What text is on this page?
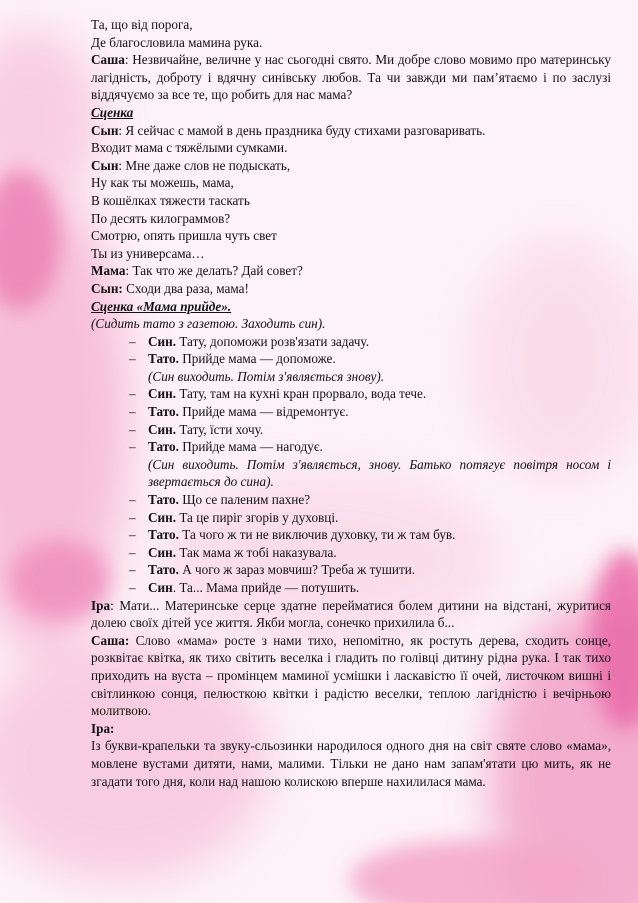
Та, що від порога,
Де благословила мамина рука.
Саша: Незвичайне, величне у нас сьогодні свято. Ми добре слово мовимо про материнську лагідність, доброту і вдячну синівську любов. Та чи завжди ми пам’ятаємо і по заслузі віддячуємо за все те, що робить для нас мама?
Сценка
Сын: Я сейчас с мамой в день праздника буду стихами разговаривать.
Входит мама с тяжёлыми сумками.
Сын: Мне даже слов не подыскать,
Ну как ты можешь, мама,
В кошёлках тяжести таскать
По десять килограммов?
Смотрю, опять пришла чуть свет
Ты из универсама…
Мама: Так что же делать? Дай совет?
Сын: Сходи два раза, мама!
Сценка «Мама прийде».
(Сидить тато з газетою. Заходить син).
– Син. Тату, допоможи розв'язати задачу.
– Тато. Прийде мама — допоможе.
(Син виходить. Потім з'являється знову).
– Син. Тату, там на кухні кран прорвало, вода тече.
– Тато. Прийде мама — відремонтує.
– Син. Тату, їсти хочу.
– Тато. Прийде мама — нагодує.
(Син виходить. Потім з'являється, знову. Батько потягує повітря носом і звертається до сина).
– Тато. Що се паленим пахне?
– Син. Та це пиріг згорів у духовці.
– Тато. Та чого ж ти не виключив духовку, ти ж там був.
– Син. Так мама ж тобі наказувала.
– Тато. А чого ж зараз мовчиш? Треба ж тушити.
– Син. Та... Мама прийде — потушить.
Іра: Мати... Материнське серце здатне перейматися болем дитини на відстані, журитися долею своїх дітей усе життя. Якби могла, сонечко прихилила б...
Саша: Слово «мама» росте з нами тихо, непомітно, як ростуть дерева, сходить сонце, розквітає квітка, як тихо світить веселка і гладить по голівці дитину рідна рука. І так тихо приходить на вуста – промінцем маминої усмішки і ласкавістю її очей, листочком вишні і світлинкою сонця, пелюсткою квітки і радістю веселки, теплою лагідністю і вечірньою молитвою.
Іра:
Із букви-крапельки та звуку-сльозинки народилося одного дня на світ святе слово «мама», мовлене вустами дитяти, нами, малими. Тільки не дано нам запам'ятати цю мить, як не згадати того дня, коли над нашою колискою вперше нахилилася мама.
